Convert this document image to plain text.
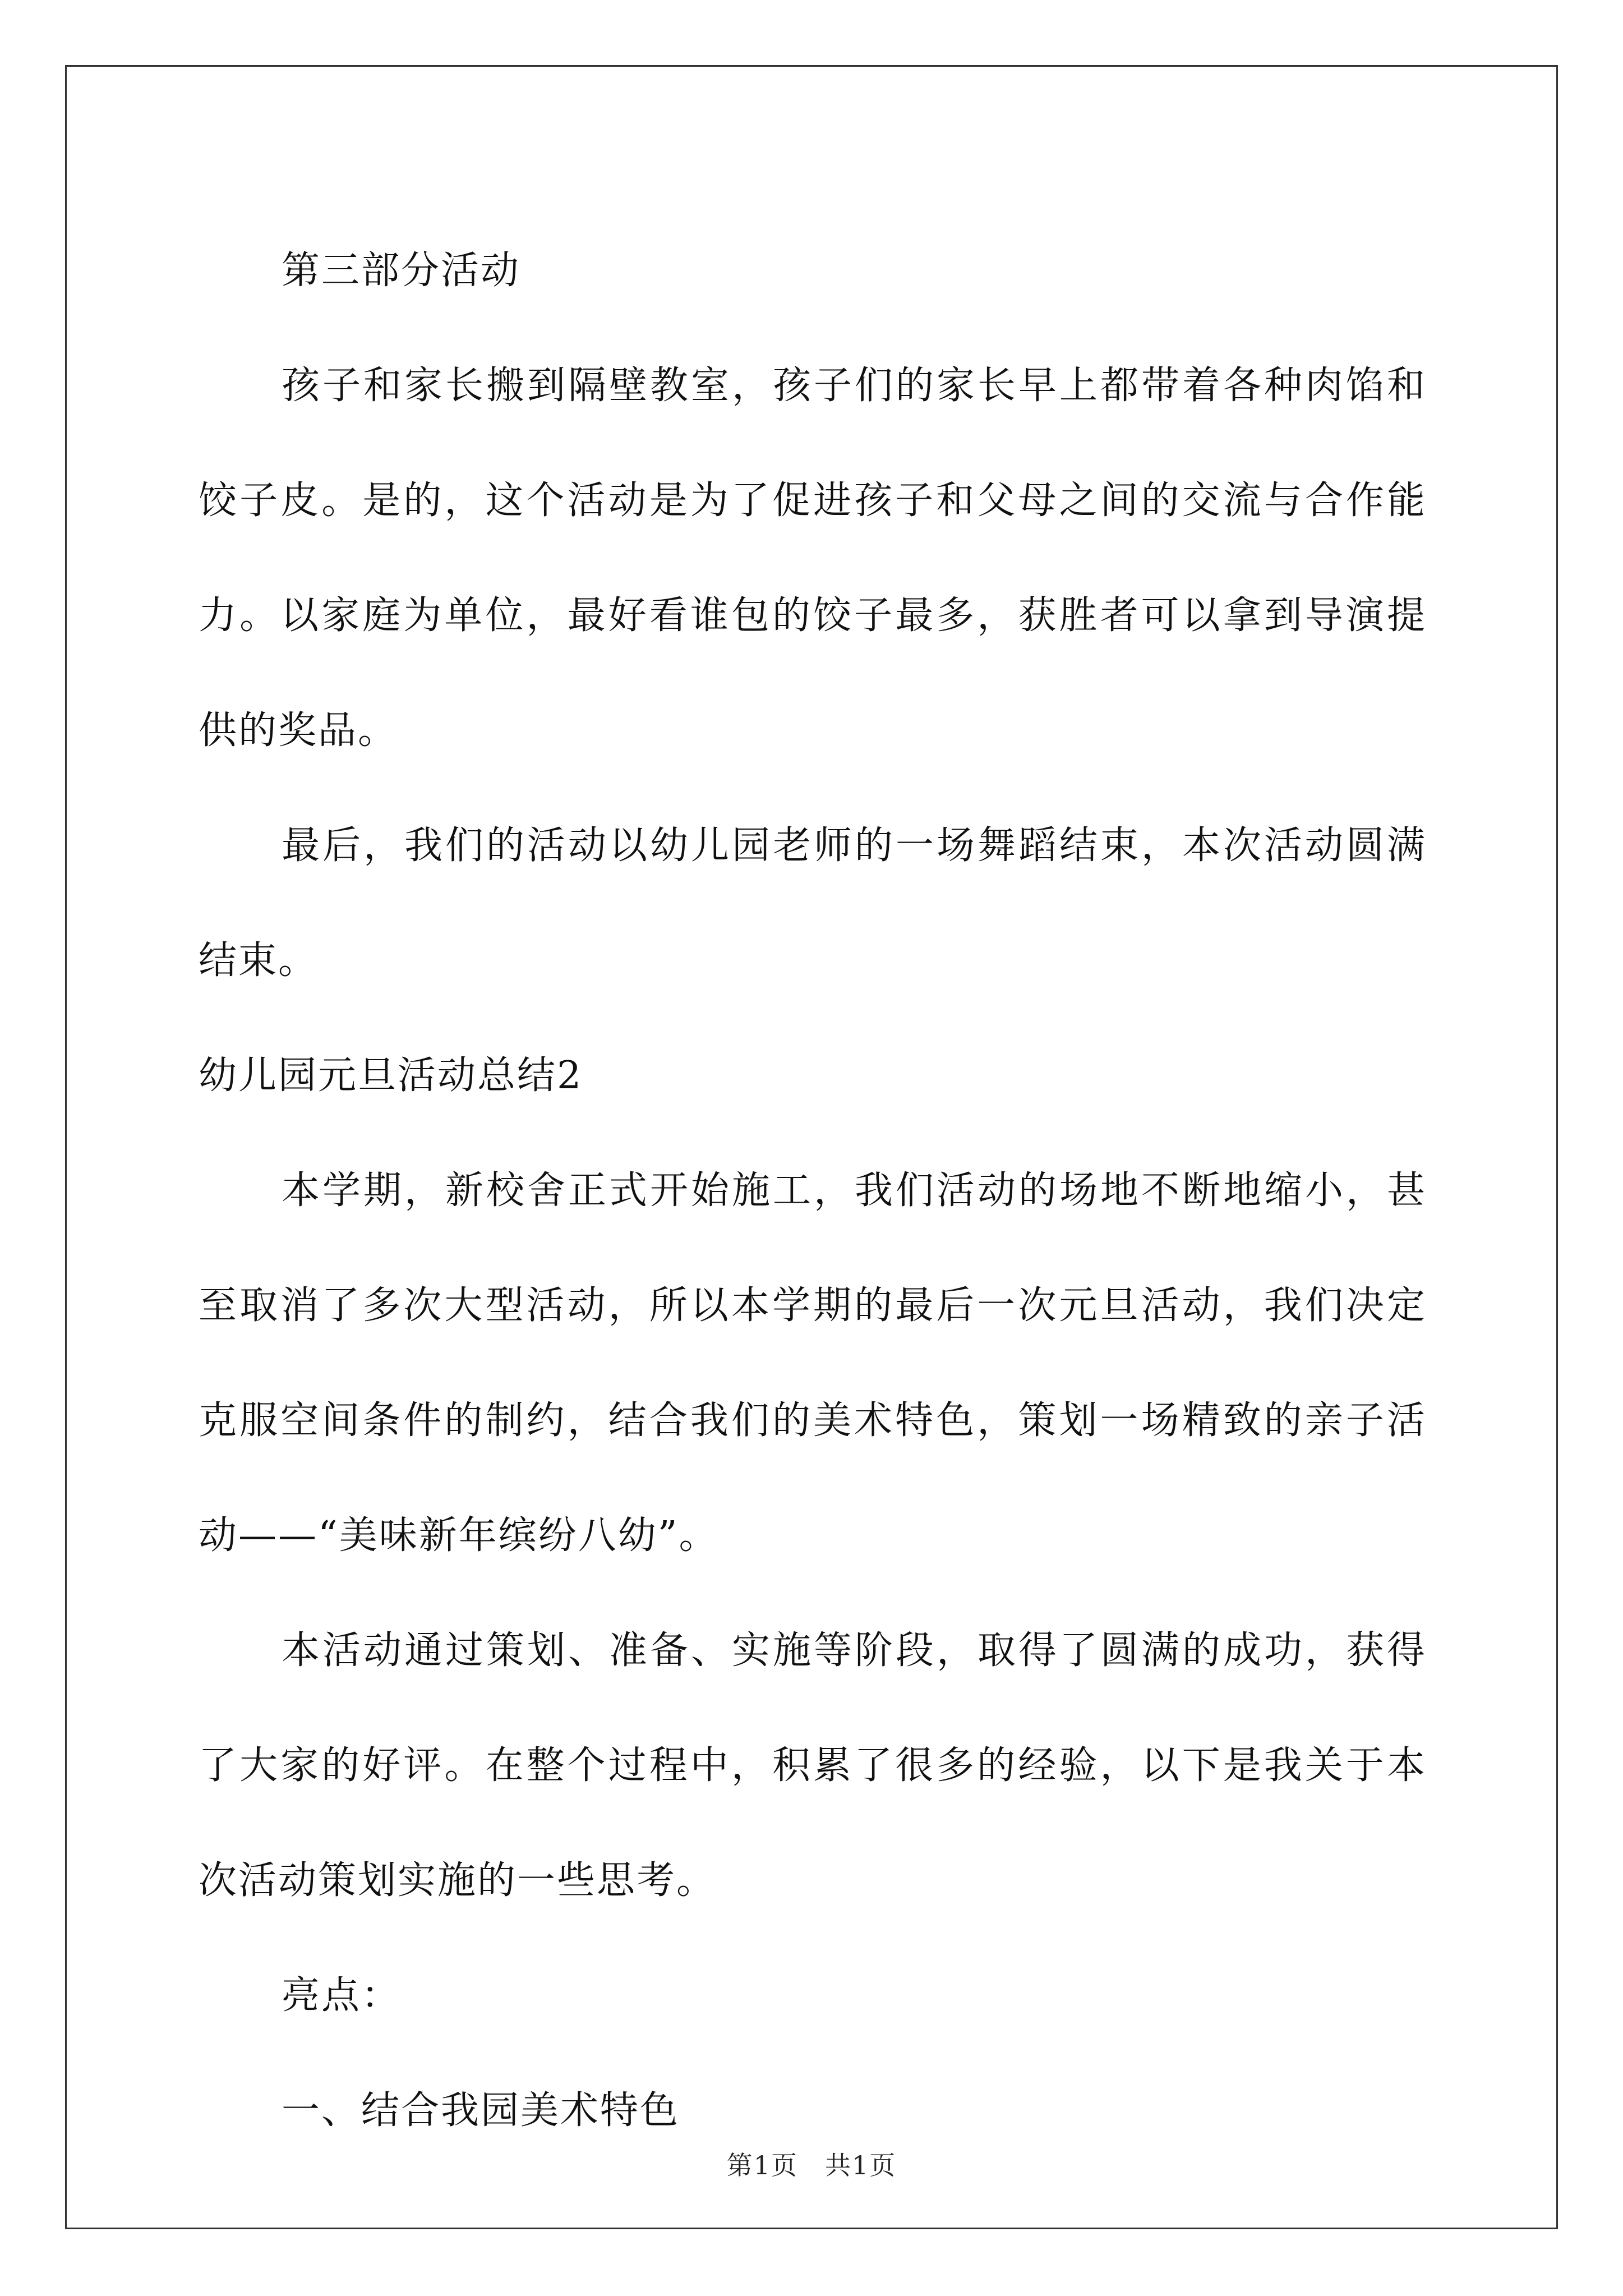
第三部分活动

孩子和家长搬到隔壁教室，孩子们的家长早上都带着各种肉馅和饺子皮。是的，这个活动是为了促进孩子和父母之间的交流与合作能力。以家庭为单位，最好看谁包的饺子最多，获胜者可以拿到导演提供的奖品。

最后，我们的活动以幼儿园老师的一场舞蹈结束，本次活动圆满结束。

幼儿园元旦活动总结2

本学期，新校舍正式开始施工，我们活动的场地不断地缩小，甚至取消了多次大型活动，所以本学期的最后一次元旦活动，我们决定克服空间条件的制约，结合我们的美术特色，策划一场精致的亲子活动——“美味新年缤纷八幼”。

本活动通过策划、准备、实施等阶段，取得了圆满的成功，获得了大家的好评。在整个过程中，积累了很多的经验，以下是我关于本次活动策划实施的一些思考。

亮点：

一、结合我园美术特色

第1页　共1页
